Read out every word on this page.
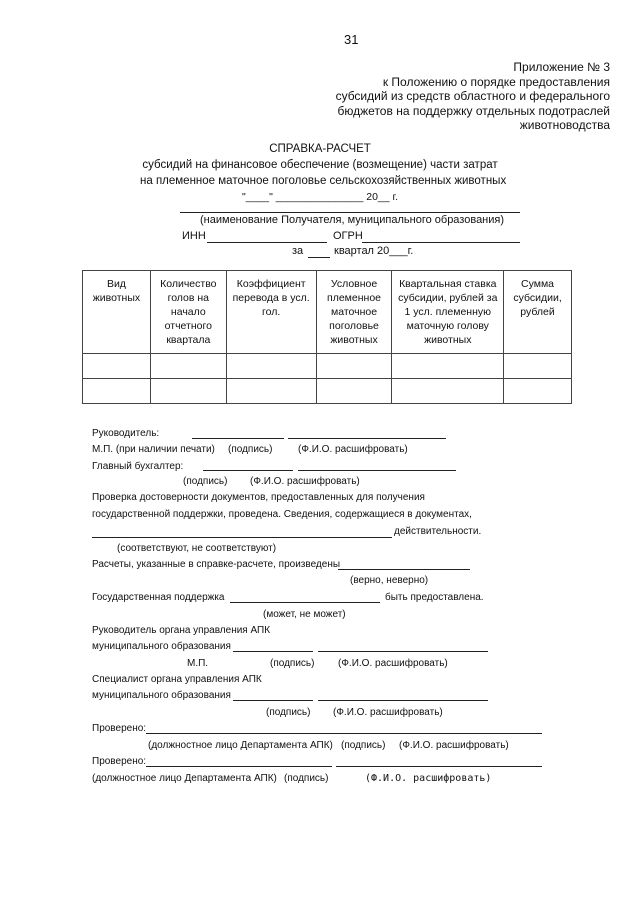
31
Приложение № 3
к Положению о порядке предоставления
субсидий из средств областного и федерального
бюджетов на поддержку отдельных подотраслей
животноводства
СПРАВКА-РАСЧЕТ
субсидий на финансовое обеспечение (возмещение) части затрат
на племенное маточное поголовье сельскохозяйственных животных
"____" _______________ 20__ г.
(наименование Получателя, муниципального образования)
ИНН	ОГРН
за	квартал 20___г.
Вид животных	Количество голов на начало отчетного квартала	Коэффициент перевода в усл. гол.	Условное племенное маточное поголовье животных	Квартальная ставка субсидии, рублей за 1 усл. племенную маточную голову животных	Сумма субсидии, рублей

Руководитель:
М.П. (при наличии печати) (подпись)	(Ф.И.О. расшифровать)
Главный бухгалтер:
(подпись) (Ф.И.О. расшифровать)
Проверка достоверности документов, предоставленных для получения
государственной поддержки, проведена. Сведения, содержащиеся в документах,
действительности.
(соответствуют, не соответствуют)
Расчеты, указанные в справке-расчете, произведены
(верно, неверно)
Государственная поддержка	быть предоставлена.
(может, не может)
Руководитель органа управления АПК
муниципального образования
М.П.	(подпись) (Ф.И.О. расшифровать)
Специалист органа управления АПК
муниципального образования
(подпись) (Ф.И.О. расшифровать)
Проверено:
(должностное лицо Департамента АПК) (подпись) (Ф.И.О. расшифровать)
Проверено:
(должностное лицо Департамента АПК) (подпись)	(Ф.И.О. расшифровать)
